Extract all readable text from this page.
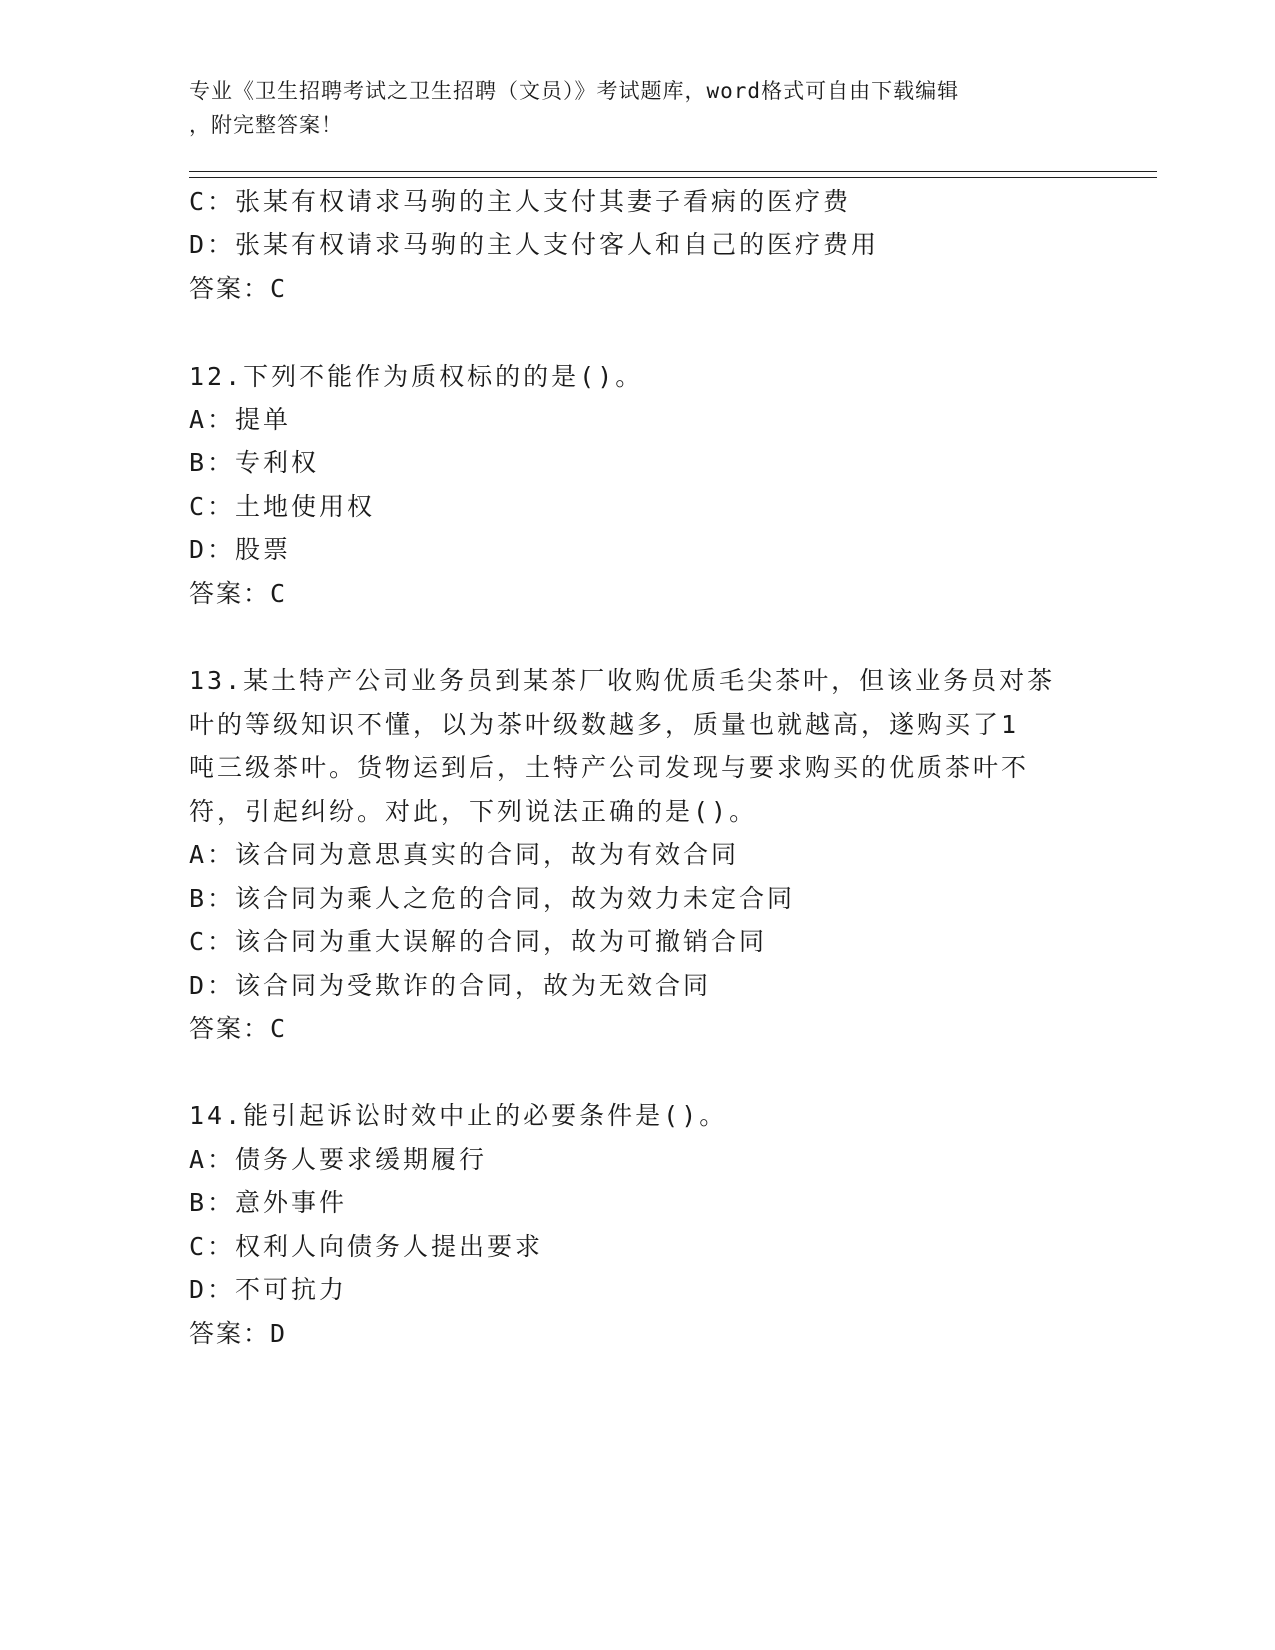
专业《卫生招聘考试之卫生招聘（文员）》考试题库，word格式可自由下载编辑
，附完整答案！
C：张某有权请求马驹的主人支付其妻子看病的医疗费
D：张某有权请求马驹的主人支付客人和自己的医疗费用
答案：C
12.下列不能作为质权标的的是()。
A：提单
B：专利权
C：土地使用权
D：股票
答案：C
13.某土特产公司业务员到某茶厂收购优质毛尖茶叶，但该业务员对茶
叶的等级知识不懂，以为茶叶级数越多，质量也就越高，遂购买了1
吨三级茶叶。货物运到后，土特产公司发现与要求购买的优质茶叶不
符，引起纠纷。对此，下列说法正确的是()。
A：该合同为意思真实的合同，故为有效合同
B：该合同为乘人之危的合同，故为效力未定合同
C：该合同为重大误解的合同，故为可撤销合同
D：该合同为受欺诈的合同，故为无效合同
答案：C
14.能引起诉讼时效中止的必要条件是()。
A：债务人要求缓期履行
B：意外事件
C：权利人向债务人提出要求
D：不可抗力
答案：D
